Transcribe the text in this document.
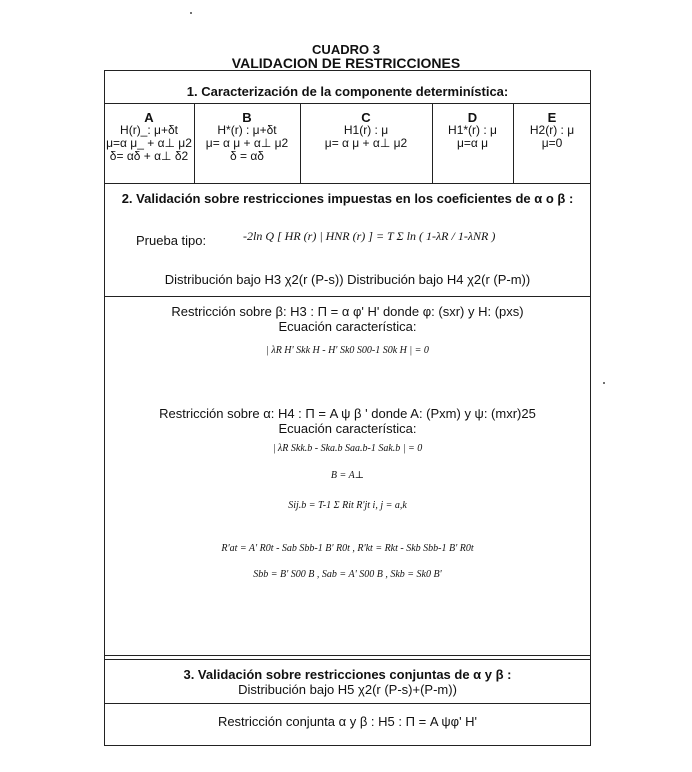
CUADRO 3
VALIDACION DE RESTRICCIONES
1. Caracterización de la componente determinística:
A
H(r)_: μ+δt
μ=α μ_ + α⊥ μ2
δ= αδ + α⊥ δ2
B
H*(r) : μ+δt
μ= α μ + α⊥ μ2
δ = αδ
C
H1(r) : μ
μ= α μ + α⊥ μ2
D
H1*(r) : μ
μ=α μ
E
H2(r) : μ
μ=0
2. Validación sobre restricciones impuestas en los coeficientes de α o β :
Prueba tipo:	-2ln Q [ HR (r) | HNR (r) ] = T Σ ln ( 1-λR / 1-λNR )
Distribución bajo H3 χ2(r (P-s)) Distribución bajo H4 χ2(r (P-m))
Restricción sobre β: H3 : Π = α φ' H' donde φ: (sxr) y H: (pxs)
Ecuación característica:
| λR H' Skk H - H' Sk0 S00-1 S0k H | = 0
Restricción sobre α: H4 : Π = A ψ β ' donde A: (Pxm) y ψ: (mxr)25
Ecuación característica:
| λR Skk.b - Ska.b Saa.b-1 Sak.b | = 0
B = A⊥
Sij.b = T-1 Σ Rit R'jt i, j = a,k
R'at = A' R0t - Sab Sbb-1 B' R0t , R'kt = Rkt - Skb Sbb-1 B' R0t
Sbb = B' S00 B , Sab = A' S00 B , Skb = Sk0 B'
3. Validación sobre restricciones conjuntas de α y β :
Distribución bajo H5 χ2(r (P-s)+(P-m))
Restricción conjunta α y β : H5 : Π = A ψφ' H'
